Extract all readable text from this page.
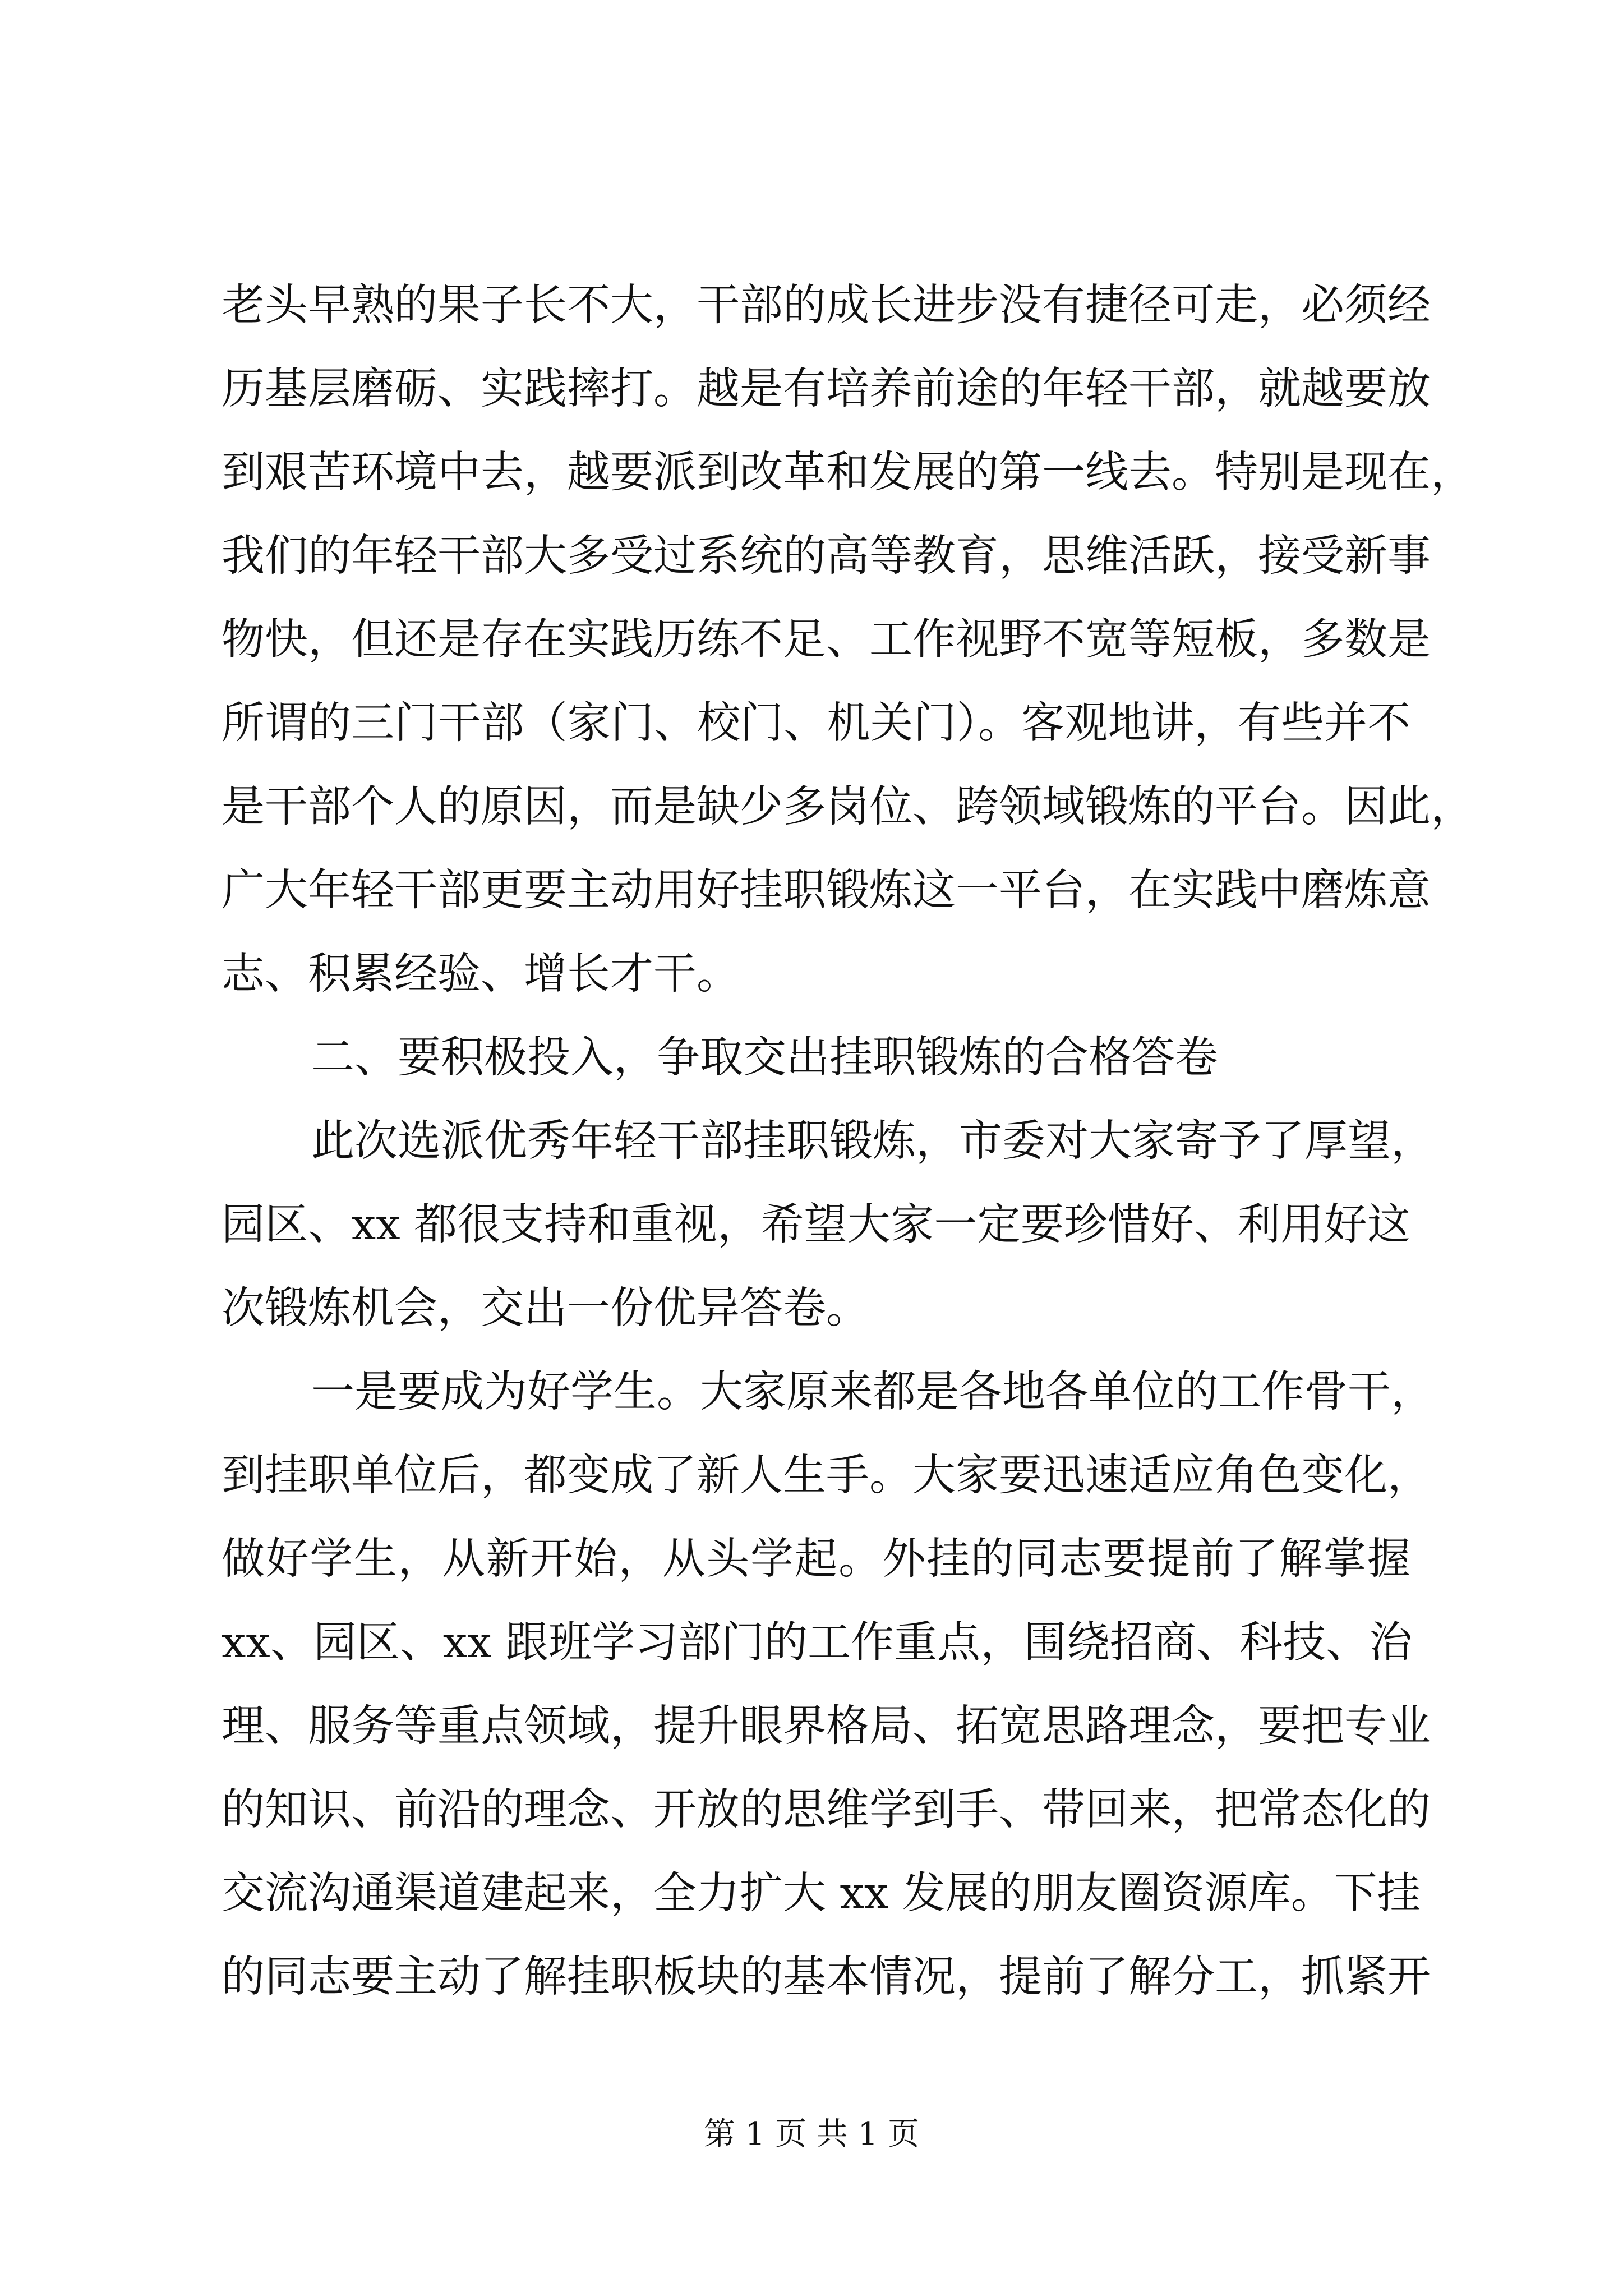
老头早熟的果子长不大，干部的成长进步没有捷径可走，必须经
历基层磨砺、实践摔打。越是有培养前途的年轻干部，就越要放
到艰苦环境中去，越要派到改革和发展的第一线去。特别是现在，
我们的年轻干部大多受过系统的高等教育，思维活跃，接受新事
物快，但还是存在实践历练不足、工作视野不宽等短板，多数是
所谓的三门干部（家门、校门、机关门）。客观地讲，有些并不
是干部个人的原因，而是缺少多岗位、跨领域锻炼的平台。因此，
广大年轻干部更要主动用好挂职锻炼这一平台，在实践中磨炼意
志、积累经验、增长才干。
二、要积极投入，争取交出挂职锻炼的合格答卷
此次选派优秀年轻干部挂职锻炼，市委对大家寄予了厚望，
园区、xx 都很支持和重视，希望大家一定要珍惜好、利用好这
次锻炼机会，交出一份优异答卷。
一是要成为好学生。大家原来都是各地各单位的工作骨干，
到挂职单位后，都变成了新人生手。大家要迅速适应角色变化，
做好学生，从新开始，从头学起。外挂的同志要提前了解掌握
xx、园区、xx 跟班学习部门的工作重点，围绕招商、科技、治
理、服务等重点领域，提升眼界格局、拓宽思路理念，要把专业
的知识、前沿的理念、开放的思维学到手、带回来，把常态化的
交流沟通渠道建起来，全力扩大 xx 发展的朋友圈资源库。下挂
的同志要主动了解挂职板块的基本情况，提前了解分工，抓紧开
第 1 页 共 1 页
